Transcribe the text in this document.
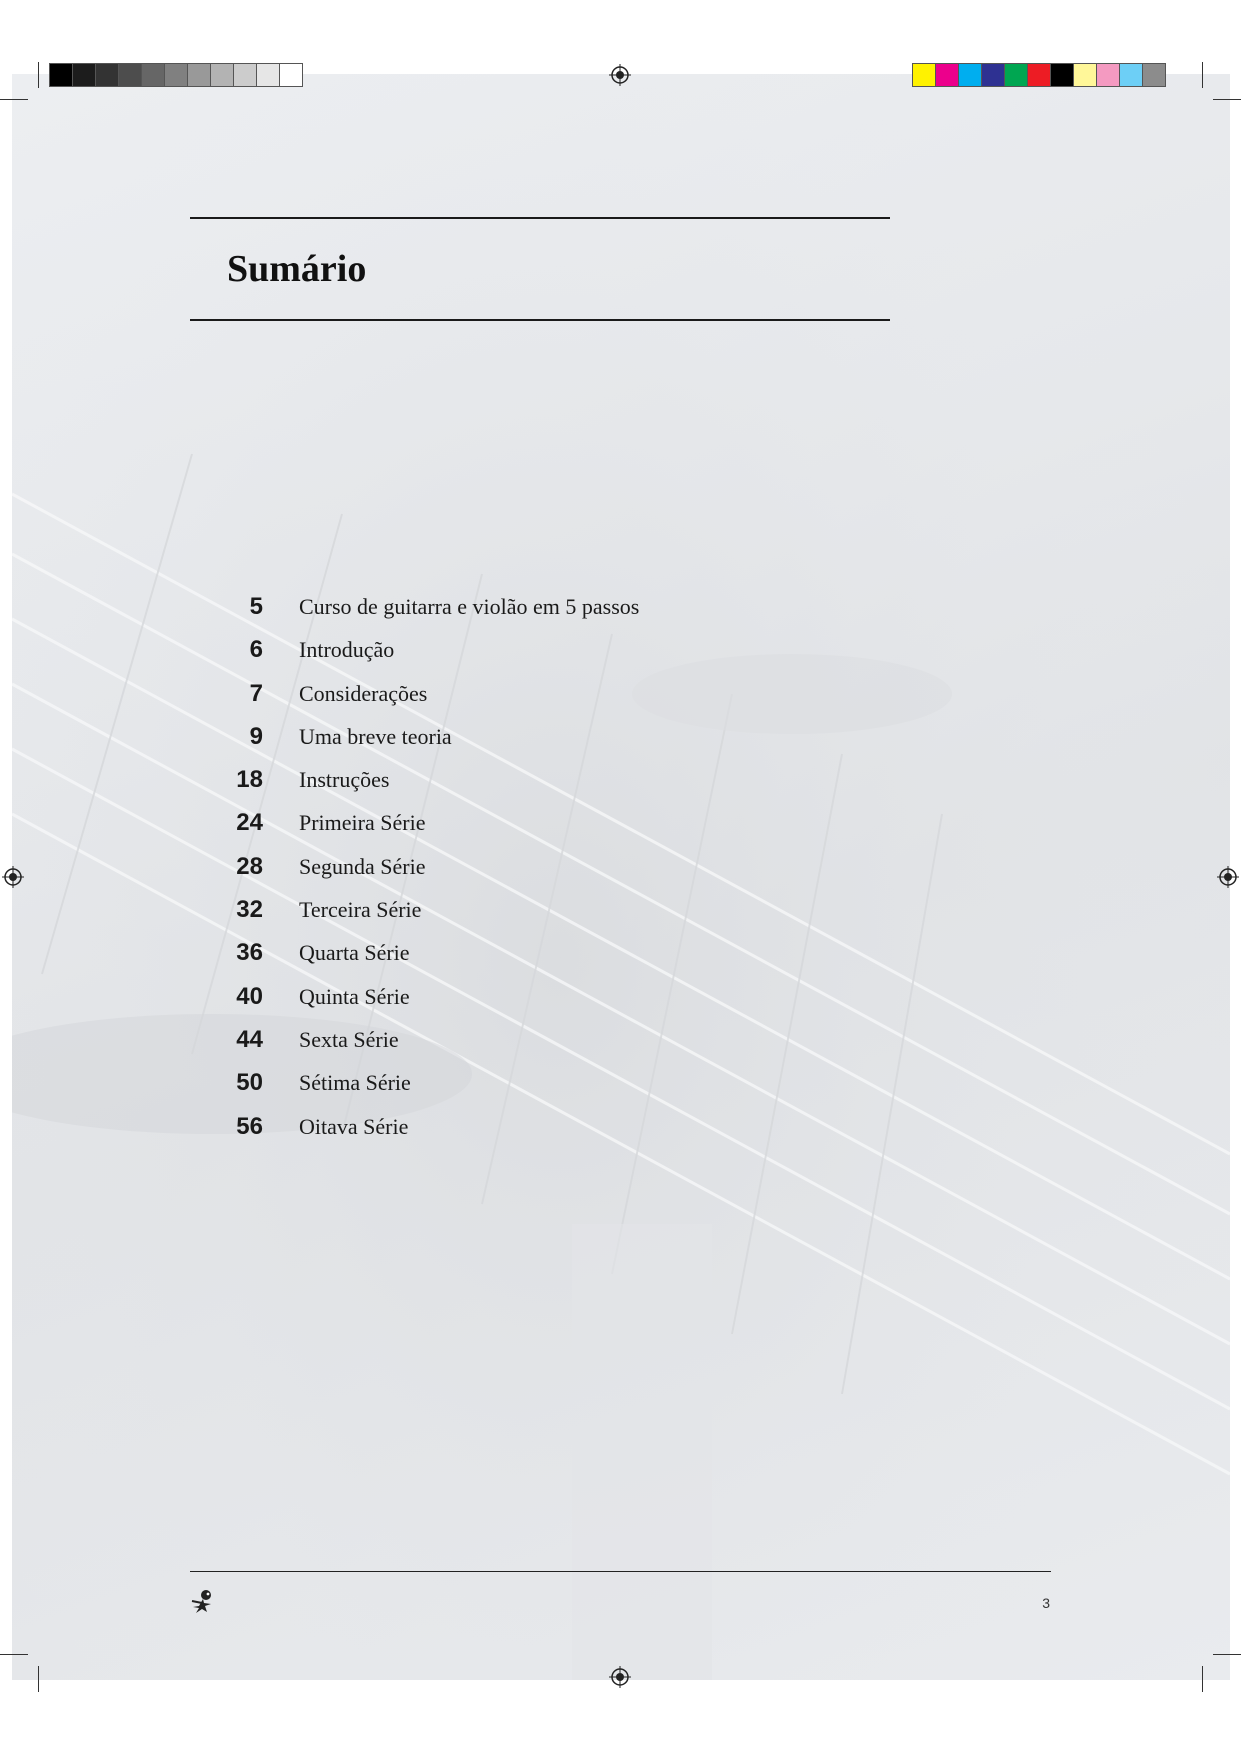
Sumário
5 Curso de guitarra e violão em 5 passos
6 Introdução
7 Considerações
9 Uma breve teoria
18 Instruções
24 Primeira Série
28 Segunda Série
32 Terceira Série
36 Quarta Série
40 Quinta Série
44 Sexta Série
50 Sétima Série
56 Oitava Série
3
